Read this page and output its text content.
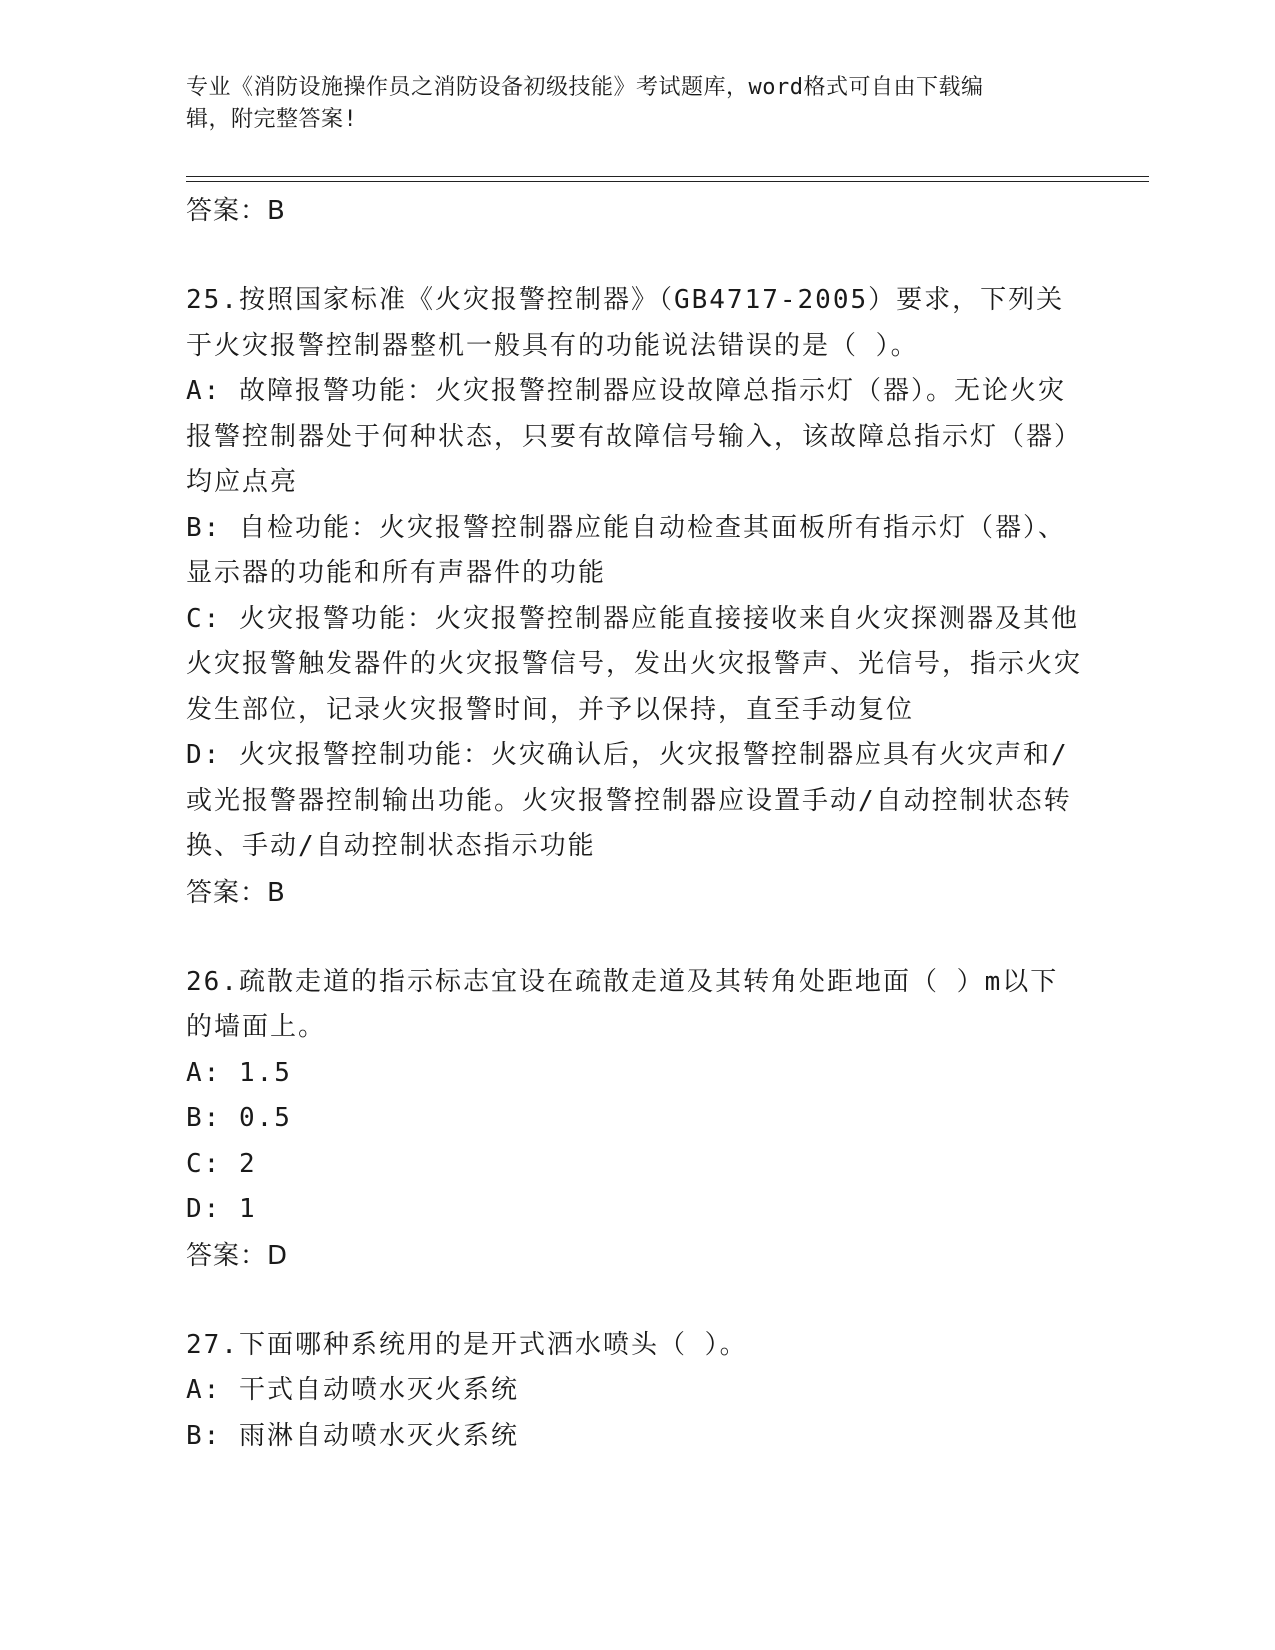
专业《消防设施操作员之消防设备初级技能》考试题库，word格式可自由下载编
辑，附完整答案!
答案：B
25.按照国家标准《火灾报警控制器》（GB4717-2005）要求，下列关于火灾报警控制器整机一般具有的功能说法错误的是（ ）。
A: 故障报警功能：火灾报警控制器应设故障总指示灯（器）。无论火灾报警控制器处于何种状态，只要有故障信号输入，该故障总指示灯（器）均应点亮
B: 自检功能：火灾报警控制器应能自动检查其面板所有指示灯（器）、显示器的功能和所有声器件的功能
C: 火灾报警功能：火灾报警控制器应能直接接收来自火灾探测器及其他火灾报警触发器件的火灾报警信号，发出火灾报警声、光信号，指示火灾发生部位，记录火灾报警时间，并予以保持，直至手动复位
D: 火灾报警控制功能：火灾确认后，火灾报警控制器应具有火灾声和/或光报警器控制输出功能。火灾报警控制器应设置手动/自动控制状态转换、手动/自动控制状态指示功能
答案：B
26.疏散走道的指示标志宜设在疏散走道及其转角处距地面（ ）m以下的墙面上。
A: 1.5
B: 0.5
C: 2
D: 1
答案：D
27.下面哪种系统用的是开式洒水喷头（ ）。
A: 干式自动喷水灭火系统
B: 雨淋自动喷水灭火系统
